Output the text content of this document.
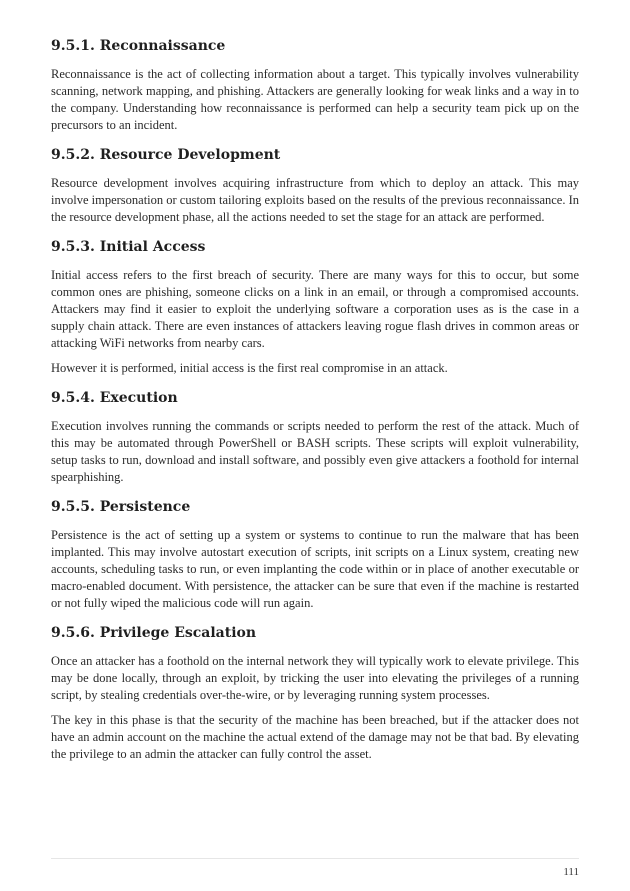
9.5.1. Reconnaissance

Reconnaissance is the act of collecting information about a target. This typically involves vulnerability scanning, network mapping, and phishing. Attackers are generally looking for weak links and a way in to the company. Understanding how reconnaissance is performed can help a security team pick up on the precursors to an incident.

9.5.2. Resource Development

Resource development involves acquiring infrastructure from which to deploy an attack. This may involve impersonation or custom tailoring exploits based on the results of the previous reconnaissance. In the resource development phase, all the actions needed to set the stage for an attack are performed.

9.5.3. Initial Access

Initial access refers to the first breach of security. There are many ways for this to occur, but some common ones are phishing, someone clicks on a link in an email, or through a compromised accounts. Attackers may find it easier to exploit the underlying software a corporation uses as is the case in a supply chain attack. There are even instances of attackers leaving rogue flash drives in common areas or attacking WiFi networks from nearby cars.

However it is performed, initial access is the first real compromise in an attack.

9.5.4. Execution

Execution involves running the commands or scripts needed to perform the rest of the attack. Much of this may be automated through PowerShell or BASH scripts. These scripts will exploit vulnerability, setup tasks to run, download and install software, and possibly even give attackers a foothold for internal spearphishing.

9.5.5. Persistence

Persistence is the act of setting up a system or systems to continue to run the malware that has been implanted. This may involve autostart execution of scripts, init scripts on a Linux system, creating new accounts, scheduling tasks to run, or even implanting the code within or in place of another executable or macro-enabled document. With persistence, the attacker can be sure that even if the machine is restarted or not fully wiped the malicious code will run again.

9.5.6. Privilege Escalation

Once an attacker has a foothold on the internal network they will typically work to elevate privilege. This may be done locally, through an exploit, by tricking the user into elevating the privileges of a running script, by stealing credentials over-the-wire, or by leveraging running system processes.

The key in this phase is that the security of the machine has been breached, but if the attacker does not have an admin account on the machine the actual extend of the damage may not be that bad. By elevating the privilege to an admin the attacker can fully control the asset.

111
